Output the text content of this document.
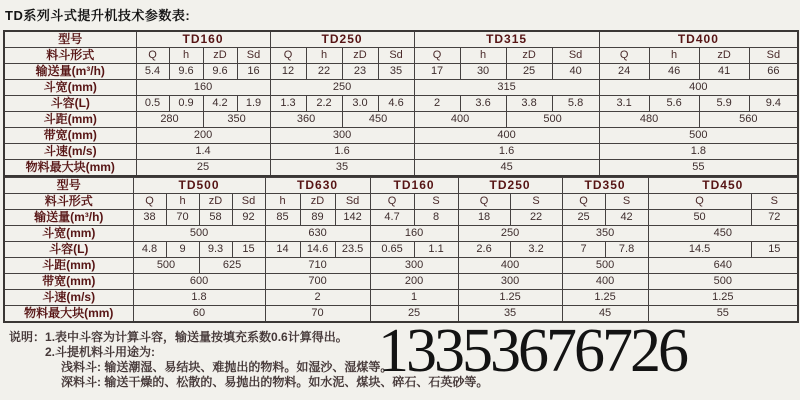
TD系列斗式提升机技术参数表:
型号	TD160				TD250				TD315				TD400			
料斗形式	Q	h	zD	Sd	Q	h	zD	Sd	Q	h	zD	Sd	Q	h	zD	Sd
输送量(m³/h)	5.4	9.6	9.6	16	12	22	23	35	17	30	25	40	24	46	41	66
斗宽(mm)	160				250				315				400			
斗容(L)	0.5	0.9	4.2	1.9	1.3	2.2	3.0	4.6	2	3.6	3.8	5.8	3.1	5.6	5.9	9.4
斗距(mm)	280		350		360		450		400		500		480		560	
带宽(mm)	200				300				400				500			
斗速(m/s)	1.4				1.6				1.6				1.8			
物料最大块(mm)	25				35				45				55			
型号	TD500				TD630			TD160		TD250		TD350		TD450	
料斗形式	Q	h	zD	Sd	h	zD	Sd	Q	S	Q	S	Q	S	Q	S
输送量(m³/h)	38	70	58	92	85	89	142	4.7	8	18	22	25	42	50	72
斗宽(mm)	500				630			160		250		350		450	
斗容(L)	4.8	9	9.3	15	14	14.6	23.5	0.65	1.1	2.6	3.2	7	7.8	14.5	15
斗距(mm)	500		625		710			300		400		500		640	
带宽(mm)	600				700			200		300		400		500	
斗速(m/s)	1.8				2			1		1.25		1.25		1.25	
物料最大块(mm)	60				70			25		35		45		55	
说明：1.表中斗容为计算斗容，输送量按填充系数0.6计算得出。
2.斗提机料斗用途为:
浅料斗: 输送潮湿、易结块、难抛出的物料。如湿沙、湿煤等。
深料斗: 输送干燥的、松散的、易抛出的物料。如水泥、煤块、碎石、石英砂等。
13353676726
